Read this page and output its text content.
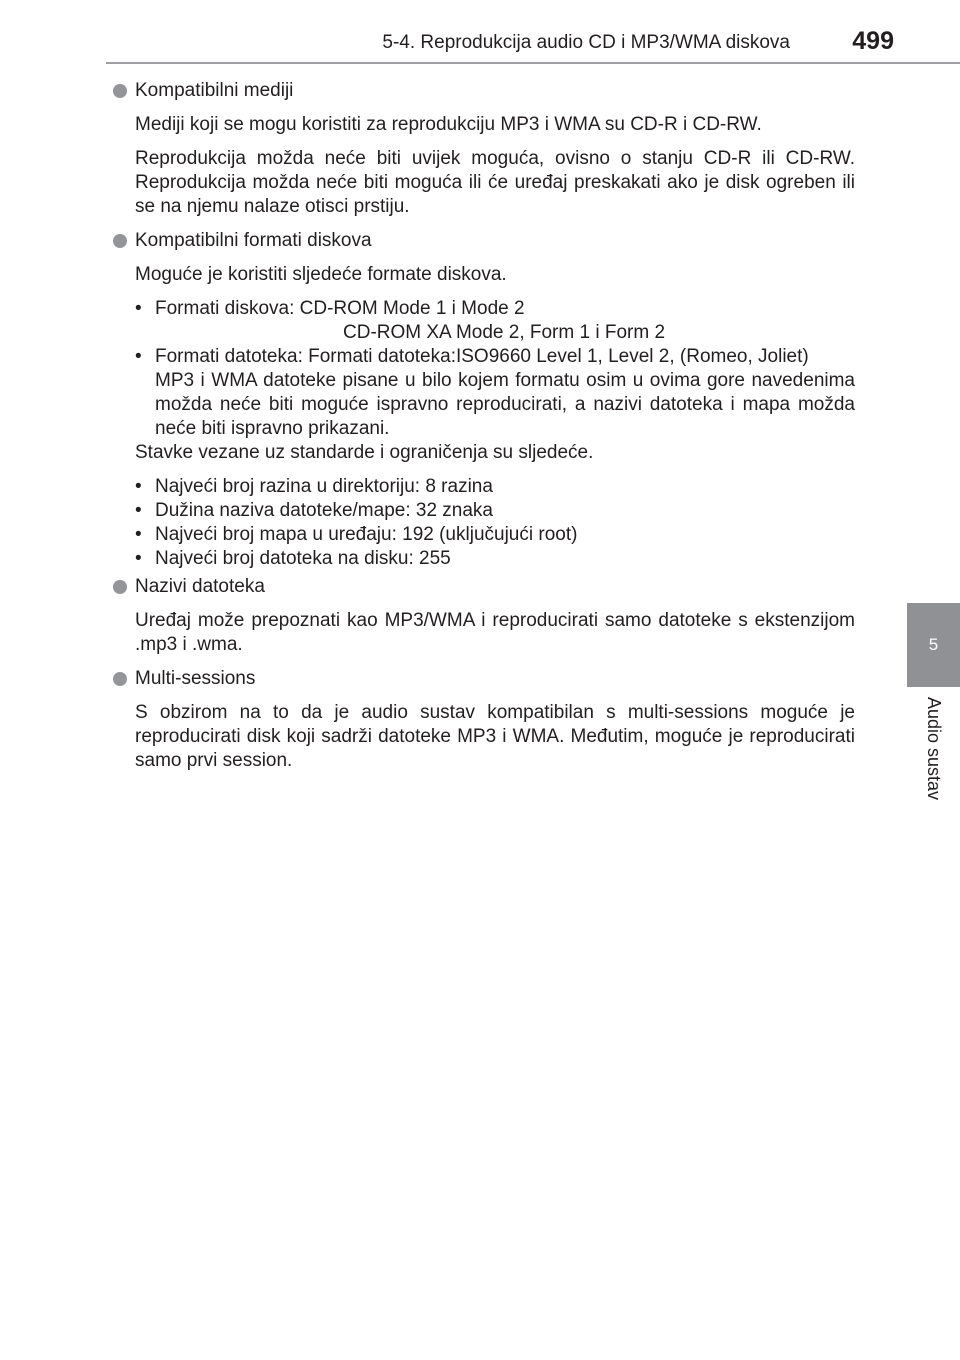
5-4. Reprodukcija audio CD i MP3/WMA diskova 499
5
Audio sustav
Kompatibilni mediji

Mediji koji se mogu koristiti za reprodukciju MP3 i WMA su CD-R i CD-RW.

Reprodukcija možda neće biti uvijek moguća, ovisno o stanju CD-R ili CD-RW. Reprodukcija možda neće biti moguća ili će uređaj preskakati ako je disk ogreben ili se na njemu nalaze otisci prstiju.

Kompatibilni formati diskova

Moguće je koristiti sljedeće formate diskova.

• Formati diskova: CD-ROM Mode 1 i Mode 2
CD-ROM XA Mode 2, Form 1 i Form 2
• Formati datoteka: Formati datoteka:ISO9660 Level 1, Level 2, (Romeo, Joliet)
MP3 i WMA datoteke pisane u bilo kojem formatu osim u ovima gore navedenima možda neće biti moguće ispravno reproducirati, a nazivi datoteka i mapa možda neće biti ispravno prikazani.

Stavke vezane uz standarde i ograničenja su sljedeće.

• Najveći broj razina u direktoriju: 8 razina
• Dužina naziva datoteke/mape: 32 znaka
• Najveći broj mapa u uređaju: 192 (uključujući root)
• Najveći broj datoteka na disku: 255
Nazivi datoteka

Uređaj može prepoznati kao MP3/WMA i reproducirati samo datoteke s ekstenzijom .mp3 i .wma.

Multi-sessions

S obzirom na to da je audio sustav kompatibilan s multi-sessions moguće je reproducirati disk koji sadrži datoteke MP3 i WMA. Međutim, moguće je reproducirati samo prvi session.
